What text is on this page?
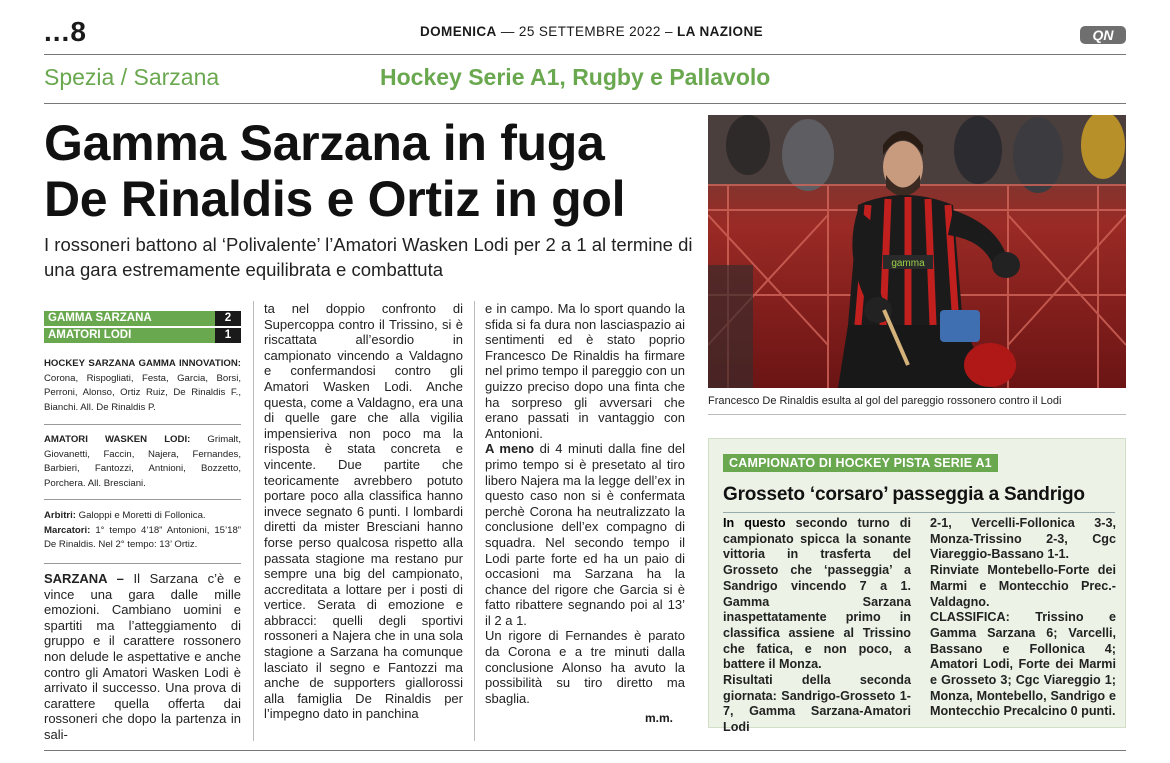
...8	DOMENICA — 25 SETTEMBRE 2022 – LA NAZIONE	QN
Spezia / Sarzana	Hockey Serie A1, Rugby e Pallavolo
Gamma Sarzana in fuga
De Rinaldis e Ortiz in gol
I rossoneri battono al ‘Polivalente’ l’Amatori Wasken Lodi per 2 a 1 al termine di una gara estremamente equilibrata e combattuta	gamma
Francesco De Rinaldis esulta al gol del pareggio rossonero contro il Lodi
GAMMA SARZANA	2
AMATORI LODI	1
HOCKEY SARZANA GAMMA INNOVATION: Corona, Rispogliati, Festa, Garcia, Borsi, Perroni, Alonso, Ortiz Ruiz, De Rinaldis F., Bianchi. All. De Rinaldis P.
AMATORI WASKEN LODI: Grimalt, Giovanetti, Faccin, Najera, Fernandes, Barbieri, Fantozzi, Antnioni, Bozzetto, Porchera. All. Bresciani.
Arbitri: Galoppi e Moretti di Follonica.
Marcatori: 1° tempo 4’18” Antonioni, 15’18” De Rinaldis. Nel 2° tempo: 13’ Ortiz.
SARZANA – Il Sarzana c’è e vince una gara dalle mille emozioni. Cambiano uomini e spartiti ma l’atteggiamento di gruppo e il carattere rossonero non delude le aspettative e anche contro gli Amatori Wasken Lodi è arrivato il successo. Una prova di carattere quella offerta dai rossoneri che dopo la partenza in sali-
ta nel doppio confronto di Supercoppa contro il Trissino, si è riscattata all’esordio in campionato vincendo a Valdagno e confermandosi contro gli Amatori Wasken Lodi. Anche questa, come a Valdagno, era una di quelle gare che alla vigilia impensieriva non poco ma la risposta è stata concreta e vincente. Due partite che teoricamente avrebbero potuto portare poco alla classifica hanno invece segnato 6 punti. I lombardi diretti da mister Bresciani hanno forse perso qualcosa rispetto alla passata stagione ma restano pur sempre una big del campionato, accreditata a lottare per i posti di vertice. Serata di emozione e abbracci: quelli degli sportivi rossoneri a Najera che in una sola stagione a Sarzana ha comunque lasciato il segno e Fantozzi ma anche de supporters giallorossi alla famiglia De Rinaldis per l’impegno dato in panchina

e in campo. Ma lo sport quando la sfida si fa dura non lasciaspazio ai sentimenti ed è stato poprio Francesco De Rinaldis ha firmare nel primo tempo il pareggio con un guizzo preciso dopo una finta che ha sorpreso gli avversari che erano passati in vantaggio con Antonioni.

A meno di 4 minuti dalla fine del primo tempo si è presetato al tiro libero Najera ma la legge dell’ex in questo caso non si è confermata perchè Corona ha neutralizzato la conclusione dell’ex compagno di squadra. Nel secondo tempo il Lodi parte forte ed ha un paio di occasioni ma Sarzana ha la chance del rigore che Garcia si è fatto ribattere segnando poi al 13’ il 2 a 1.

Un rigore di Fernandes è parato da Corona e a tre minuti dalla conclusione Alonso ha avuto la possibilità su tiro diretto ma sbaglia.

m.m.
CAMPIONATO DI HOCKEY PISTA SERIE A1
Grosseto ‘corsaro’ passeggia a Sandrigo

In questo secondo turno di campionato spicca la sonante vittoria in trasferta del Grosseto che ‘passeggia’ a Sandrigo vincendo 7 a 1. Gamma Sarzana inaspettatamente primo in classifica assiene al Trissino che fatica, e non poco, a battere il Monza.

Risultati della seconda giornata: Sandrigo-Grosseto 1-7, Gamma Sarzana-Amatori Lodi

2-1, Vercelli-Follonica 3-3, Monza-Trissino 2-3, Cgc Viareggio-Bassano 1-1.

Rinviate Montebello-Forte dei Marmi e Montecchio Prec.-Valdagno.

CLASSIFICA: Trissino e Gamma Sarzana 6; Varcelli, Bassano e Follonica 4; Amatori Lodi, Forte dei Marmi e Grosseto 3; Cgc Viareggio 1; Monza, Montebello, Sandrigo e Montecchio Precalcino 0 punti.
